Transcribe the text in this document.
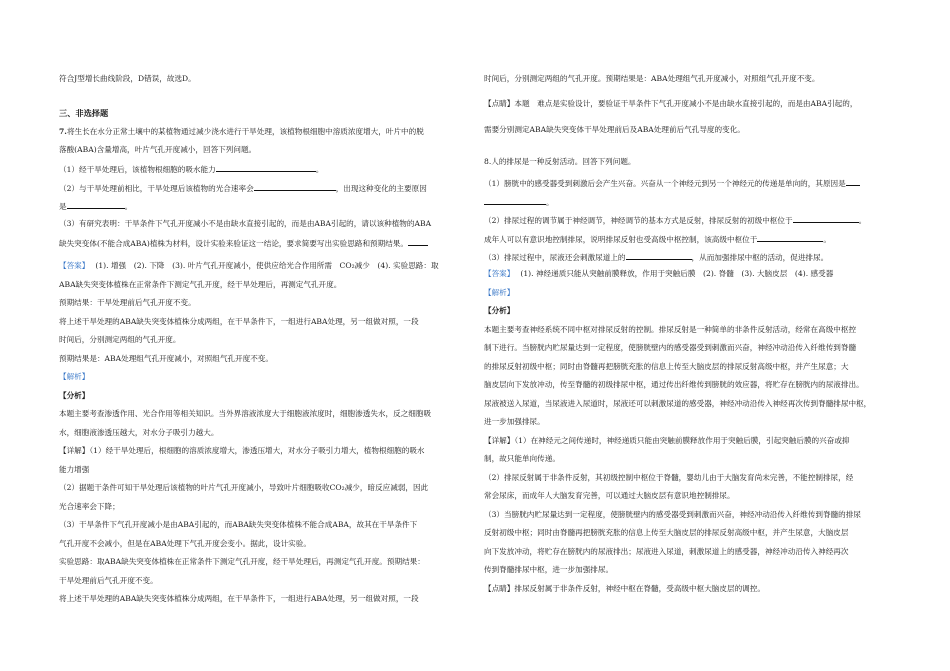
符合J型增长曲线阶段，D错误，故选D。
三、非选择题
7.将生长在水分正常土壤中的某植物通过减少浇水进行干旱处理，该植物根细胞中溶质浓度增大，叶片中的脱
落酸(ABA)含量增高，叶片气孔开度减小，回答下列问题。
（1）经干旱处理后，该植物根细胞的吸水能力	。
（2）与干旱处理前相比，干旱处理后该植物的光合速率会	，出现这种变化的主要原因
是	。
（3）有研究表明：干旱条件下气孔开度减小不是由缺水直接引起的，而是由ABA引起的，请以该种植物的ABA
缺失突变体(不能合成ABA)植株为材料，设计实验来验证这一结论，要求简要写出实验思路和预期结果。
【答案】 (1). 增强　(2). 下降　(3). 叶片气孔开度减小，使供应给光合作用所需　CO₂减少　(4). 实验思路：取
ABA缺失突变体植株在正常条件下测定气孔开度，经干旱处理后，再测定气孔开度。
预期结果：干旱处理前后气孔开度不变。
将上述干旱处理的ABA缺失突变体植株分成两组，在干旱条件下，一组进行ABA处理，另一组做对照，一段
时间后，分别测定两组的气孔开度。
预期结果是：ABA处理组气孔开度减小，对照组气孔开度不变。
【解析】
【分析】
本题主要考查渗透作用、光合作用等相关知识。当外界溶液浓度大于细胞液浓度时，细胞渗透失水，反之细胞吸
水，细胞液渗透压越大，对水分子吸引力越大。
【详解】（1）经干旱处理后，根细胞的溶质浓度增大，渗透压增大，对水分子吸引力增大，植物根细胞的吸水
能力增强
（2）据题干条件可知干旱处理后该植物的叶片气孔开度减小，导致叶片细胞吸收CO₂减少，暗反应减弱，因此
光合速率会下降；
（3）干旱条件下气孔开度减小是由ABA引起的，而ABA缺失突变体植株不能合成ABA，故其在干旱条件下
气孔开度不会减小，但是在ABA处理下气孔开度会变小。据此，设计实验。
实验思路：取ABA缺失突变体植株在正常条件下测定气孔开度，经干旱处理后，再测定气孔开度。预期结果：
干旱处理前后气孔开度不变。
将上述干旱处理的ABA缺失突变体植株分成两组，在干旱条件下，一组进行ABA处理，另一组做对照，一段
时间后，分别测定两组的气孔开度。预期结果是：ABA处理组气孔开度减小，对照组气孔开度不变。
【点睛】本题　难点是实验设计，要验证干旱条件下气孔开度减小不是由缺水直接引起的，而是由ABA引起的，
需要分别测定ABA缺失突变体干旱处理前后及ABA处理前后气孔导度的变化。
8.人的排尿是一种反射活动。回答下列问题。
（1）膀胱中的感受器受到刺激后会产生兴奋。兴奋从一个神经元到另一个神经元的传递是单向的，其原因是
。
（2）排尿过程的调节属于神经调节，神经调节的基本方式是反射，排尿反射的初级中枢位于	。
成年人可以有意识地控制排尿，说明排尿反射也受高级中枢控制，该高级中枢位于	。
（3）排尿过程中，尿液还会刺激尿道上的	，从而加强排尿中枢的活动，促进排尿。
【答案】 (1). 神经递质只能从突触前膜释放，作用于突触后膜　(2). 脊髓　(3). 大脑皮层　(4). 感受器
【解析】
【分析】
本题主要考查神经系统不同中枢对排尿反射的控制。排尿反射是一种简单的非条件反射活动，经常在高级中枢控
制下进行。当膀胱内贮尿量达到一定程度，使膀胱壁内的感受器受到刺激而兴奋，神经冲动沿传入纤维传到脊髓
的排尿反射初级中枢；同时由脊髓再把膀胱充胀的信息上传至大脑皮层的排尿反射高级中枢，并产生尿意；大
脑皮层向下发放冲动，传至脊髓的初级排尿中枢，通过传出纤维传到膀胱的效应器，将贮存在膀胱内的尿液排出。
尿液被送入尿道，当尿液进入尿道时，尿液还可以刺激尿道的感受器，神经冲动沿传入神经再次传到脊髓排尿中枢，
进一步加强排尿。
【详解】（1）在神经元之间传递时，神经递质只能由突触前膜释放作用于突触后膜，引起突触后膜的兴奋或抑
制，故只能单向传递。
（2）排尿反射属于非条件反射，其初级控制中枢位于脊髓，婴幼儿由于大脑发育尚未完善，不能控制排尿，经
常会尿床，而成年人大脑发育完善，可以通过大脑皮层有意识地控制排尿。
（3）当膀胱内贮尿量达到一定程度，使膀胱壁内的感受器受到刺激而兴奋，神经冲动沿传入纤维传到脊髓的排尿
反射初级中枢；同时由脊髓再把膀胱充胀的信息上传至大脑皮层的排尿反射高级中枢，并产生尿意，大脑皮层
向下发放冲动，将贮存在膀胱内的尿液排出；尿液进入尿道，刺激尿道上的感受器，神经冲动沿传入神经再次
传到脊髓排尿中枢，进一步加强排尿。
【点睛】排尿反射属于非条件反射，神经中枢在脊髓，受高级中枢大脑皮层的调控。
